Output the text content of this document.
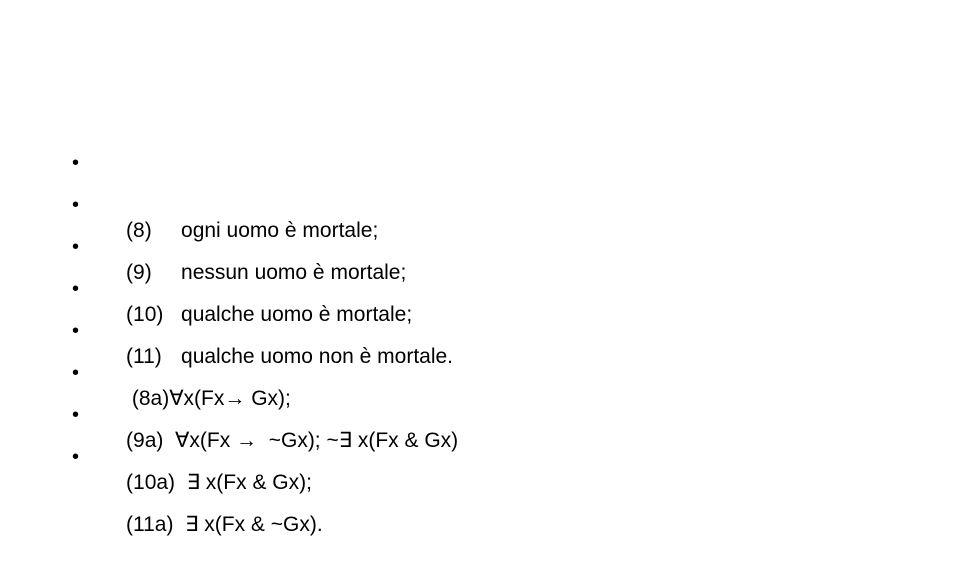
•

(8) ogni uomo è mortale;

•

(9) nessun uomo è mortale;

•

(10) qualche uomo è mortale;

•

(11) qualche uomo non è mortale.

•

(8a)∀x(Fx→ Gx);

•

(9a)  ∀x(Fx →  ~Gx); ~∃ x(Fx & Gx)

•

(10a)  ∃ x(Fx & Gx);

•

(11a)  ∃ x(Fx & ~Gx).
